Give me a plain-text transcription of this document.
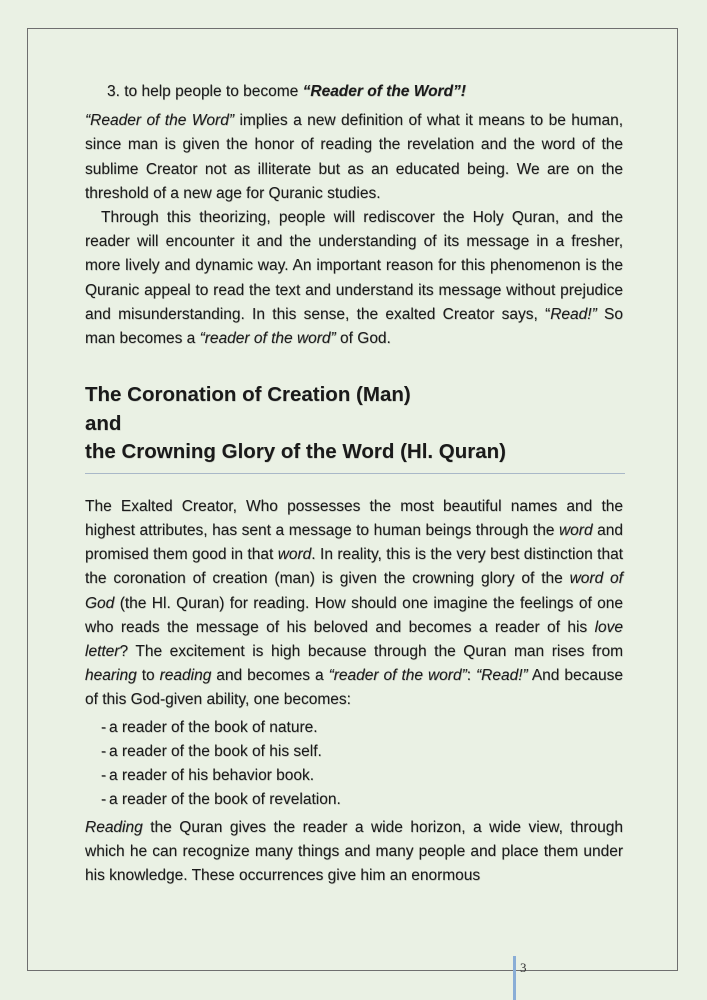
3. to help people to become “Reader of the Word”!

“Reader of the Word” implies a new definition of what it means to be human, since man is given the honor of reading the revelation and the word of the sublime Creator not as illiterate but as an educated being. We are on the threshold of a new age for Quranic studies.

Through this theorizing, people will rediscover the Holy Quran, and the reader will encounter it and the understanding of its message in a fresher, more lively and dynamic way. An important reason for this phenomenon is the Quranic appeal to read the text and understand its message without prejudice and misunderstanding. In this sense, the exalted Creator says, “Read!” So man becomes a “reader of the word” of God.

The Coronation of Creation (Man)
and
the Crowning Glory of the Word (Hl. Quran)

The Exalted Creator, Who possesses the most beautiful names and the highest attributes, has sent a message to human beings through the word and promised them good in that word. In reality, this is the very best distinction that the coronation of creation (man) is given the crowning glory of the word of God (the Hl. Quran) for reading. How should one imagine the feelings of one who reads the message of his beloved and becomes a reader of his love letter? The excitement is high because through the Quran man rises from hearing to reading and becomes a “reader of the word”: “Read!” And because of this God-given ability, one becomes:

- a reader of the book of nature.
- a reader of the book of his self.
- a reader of his behavior book.
- a reader of the book of revelation.

Reading the Quran gives the reader a wide horizon, a wide view, through which he can recognize many things and many people and place them under his knowledge. These occurrences give him an enormous

3
